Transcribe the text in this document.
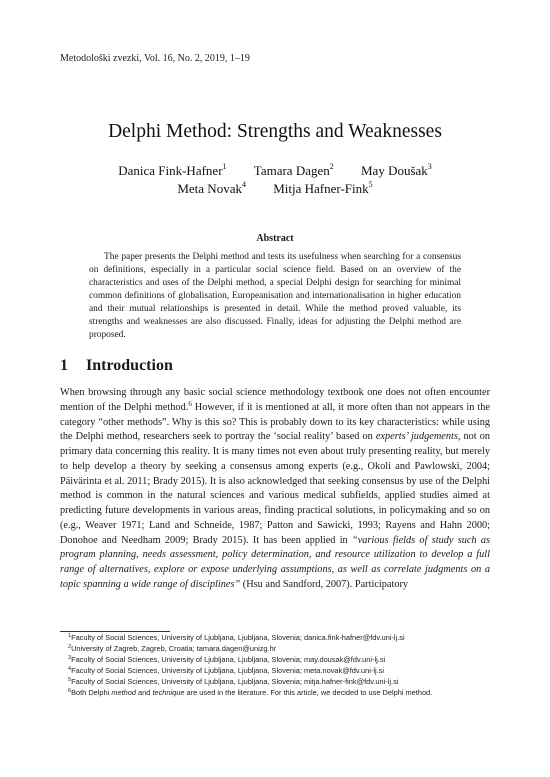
Metodološki zvezki, Vol. 16, No. 2, 2019, 1–19
Delphi Method: Strengths and Weaknesses
Danica Fink-Hafner$^1$ Tamara Dagen$^2$ May Doušak$^3$
Meta Novak$^4$ Mitja Hafner-Fink$^5$
Abstract
The paper presents the Delphi method and tests its usefulness when searching for a consensus on definitions, especially in a particular social science field. Based on an overview of the characteristics and uses of the Delphi method, a special Delphi design for searching for minimal common definitions of globalisation, Europeanisation and internationalisation in higher education and their mutual relationships is presented in detail. While the method proved valuable, its strengths and weaknesses are also discussed. Finally, ideas for adjusting the Delphi method are proposed.
1 Introduction
When browsing through any basic social science methodology textbook one does not often encounter mention of the Delphi method.$^6$ However, if it is mentioned at all, it more often than not appears in the category “other methods”. Why is this so? This is probably down to its key characteristics: while using the Delphi method, researchers seek to portray the ‘social reality’ based on experts’ judgements, not on primary data concerning this reality. It is many times not even about truly presenting reality, but merely to help develop a theory by seeking a consensus among experts (e.g., Okoli and Pawlowski, 2004; Päivärinta et al. 2011; Brady 2015). It is also acknowledged that seeking consensus by use of the Delphi method is common in the natural sciences and various medical subfields, applied studies aimed at predicting future developments in various areas, finding practical solutions, in policymaking and so on (e.g., Weaver 1971; Land and Schneide, 1987; Patton and Sawicki, 1993; Rayens and Hahn 2000; Donohoe and Needham 2009; Brady 2015). It has been applied in “various fields of study such as program planning, needs assessment, policy determination, and resource utilization to develop a full range of alternatives, explore or expose underlying assumptions, as well as correlate judgments on a topic spanning a wide range of disciplines” (Hsu and Sandford, 2007). Participatory
$^1$Faculty of Social Sciences, University of Ljubljana, Ljubljana, Slovenia; danica.fink-hafner@fdv.uni-lj.si
$^2$University of Zagreb, Zagreb, Croatia; tamara.dagen@unizg.hr
$^3$Faculty of Social Sciences, University of Ljubljana, Ljubljana, Slovenia; may.dousak@fdv.uni-lj.si
$^4$Faculty of Social Sciences, University of Ljubljana, Ljubljana, Slovenia; meta.novak@fdv.uni-lj.si
$^5$Faculty of Social Sciences, University of Ljubljana, Ljubljana, Slovenia; mitja.hafner-fink@fdv.uni-lj.si
$^6$Both Delphi method and technique are used in the literature. For this article, we decided to use Delphi method.
